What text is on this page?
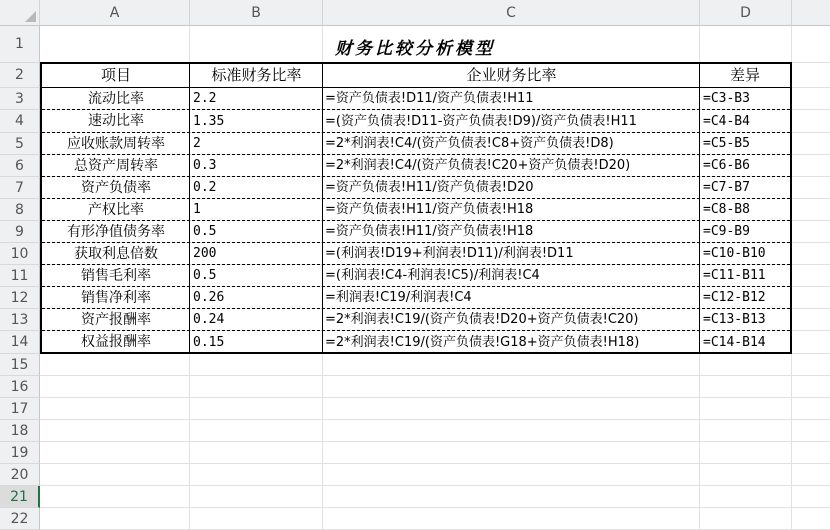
A	B	C	D
1
2
3
4
5
6
7
8
9
10
11
12
13
14
15
16
17
18
19
20
21
22
财务比较分析模型
项目	标准财务比率	企业财务比率	差异
流动比率	2.2	=资产负债表!D11/资产负债表!H11	=C3-B3
速动比率	1.35	=(资产负债表!D11-资产负债表!D9)/资产负债表!H11	=C4-B4
应收账款周转率	2	=2*利润表!C4/(资产负债表!C8+资产负债表!D8)	=C5-B5
总资产周转率	0.3	=2*利润表!C4/(资产负债表!C20+资产负债表!D20)	=C6-B6
资产负债率	0.2	=资产负债表!H11/资产负债表!D20	=C7-B7
产权比率	1	=资产负债表!H11/资产负债表!H18	=C8-B8
有形净值债务率	0.5	=资产负债表!H11/资产负债表!H18	=C9-B9
获取利息倍数	200	=(利润表!D19+利润表!D11)/利润表!D11	=C10-B10
销售毛利率	0.5	=(利润表!C4-利润表!C5)/利润表!C4	=C11-B11
销售净利率	0.26	=利润表!C19/利润表!C4	=C12-B12
资产报酬率	0.24	=2*利润表!C19/(资产负债表!D20+资产负债表!C20)	=C13-B13
权益报酬率	0.15	=2*利润表!C19/(资产负债表!G18+资产负债表!H18)	=C14-B14
